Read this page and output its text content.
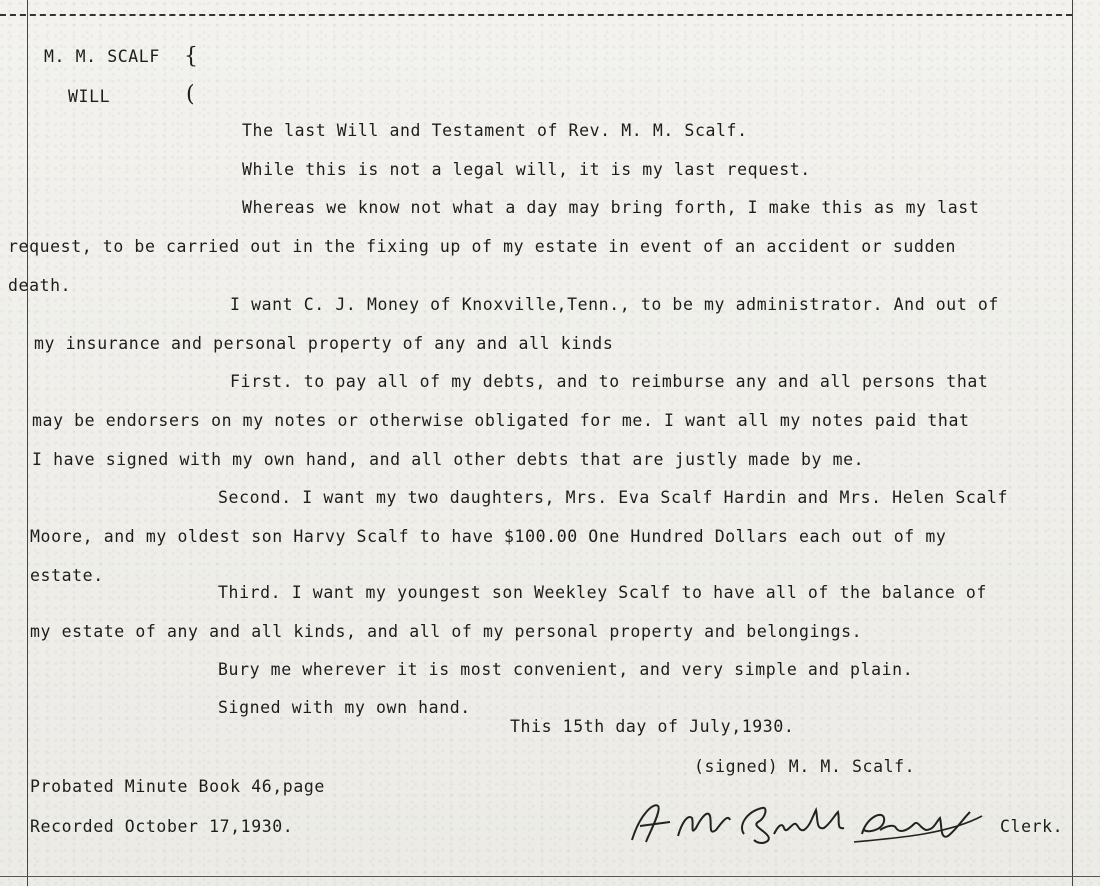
M. M. SCALF {
WILL	(
The last Will and Testament of Rev. M. M. Scalf.
While this is not a legal will, it is my last request.
Whereas we know not what a day may bring forth, I make this as my last
request, to be carried out in the fixing up of my estate in event of an accident or sudden
death.
I want C. J. Money of Knoxville,Tenn., to be my administrator. And out of
my insurance and personal property of any and all kinds
First. to pay all of my debts, and to reimburse any and all persons that
may be endorsers on my notes or otherwise obligated for me. I want all my notes paid that
I have signed with my own hand, and all other debts that are justly made by me.
Second. I want my two daughters, Mrs. Eva Scalf Hardin and Mrs. Helen Scalf
Moore, and my oldest son Harvy Scalf to have $100.00 One Hundred Dollars each out of my
estate.
Third. I want my youngest son Weekley Scalf to have all of the balance of
my estate of any and all kinds, and all of my personal property and belongings.
Bury me wherever it is most convenient, and very simple and plain.
Signed with my own hand.
This 15th day of July,1930.
(signed) M. M. Scalf.
Probated Minute Book 46,page
Recorded October 17,1930.	Clerk.
